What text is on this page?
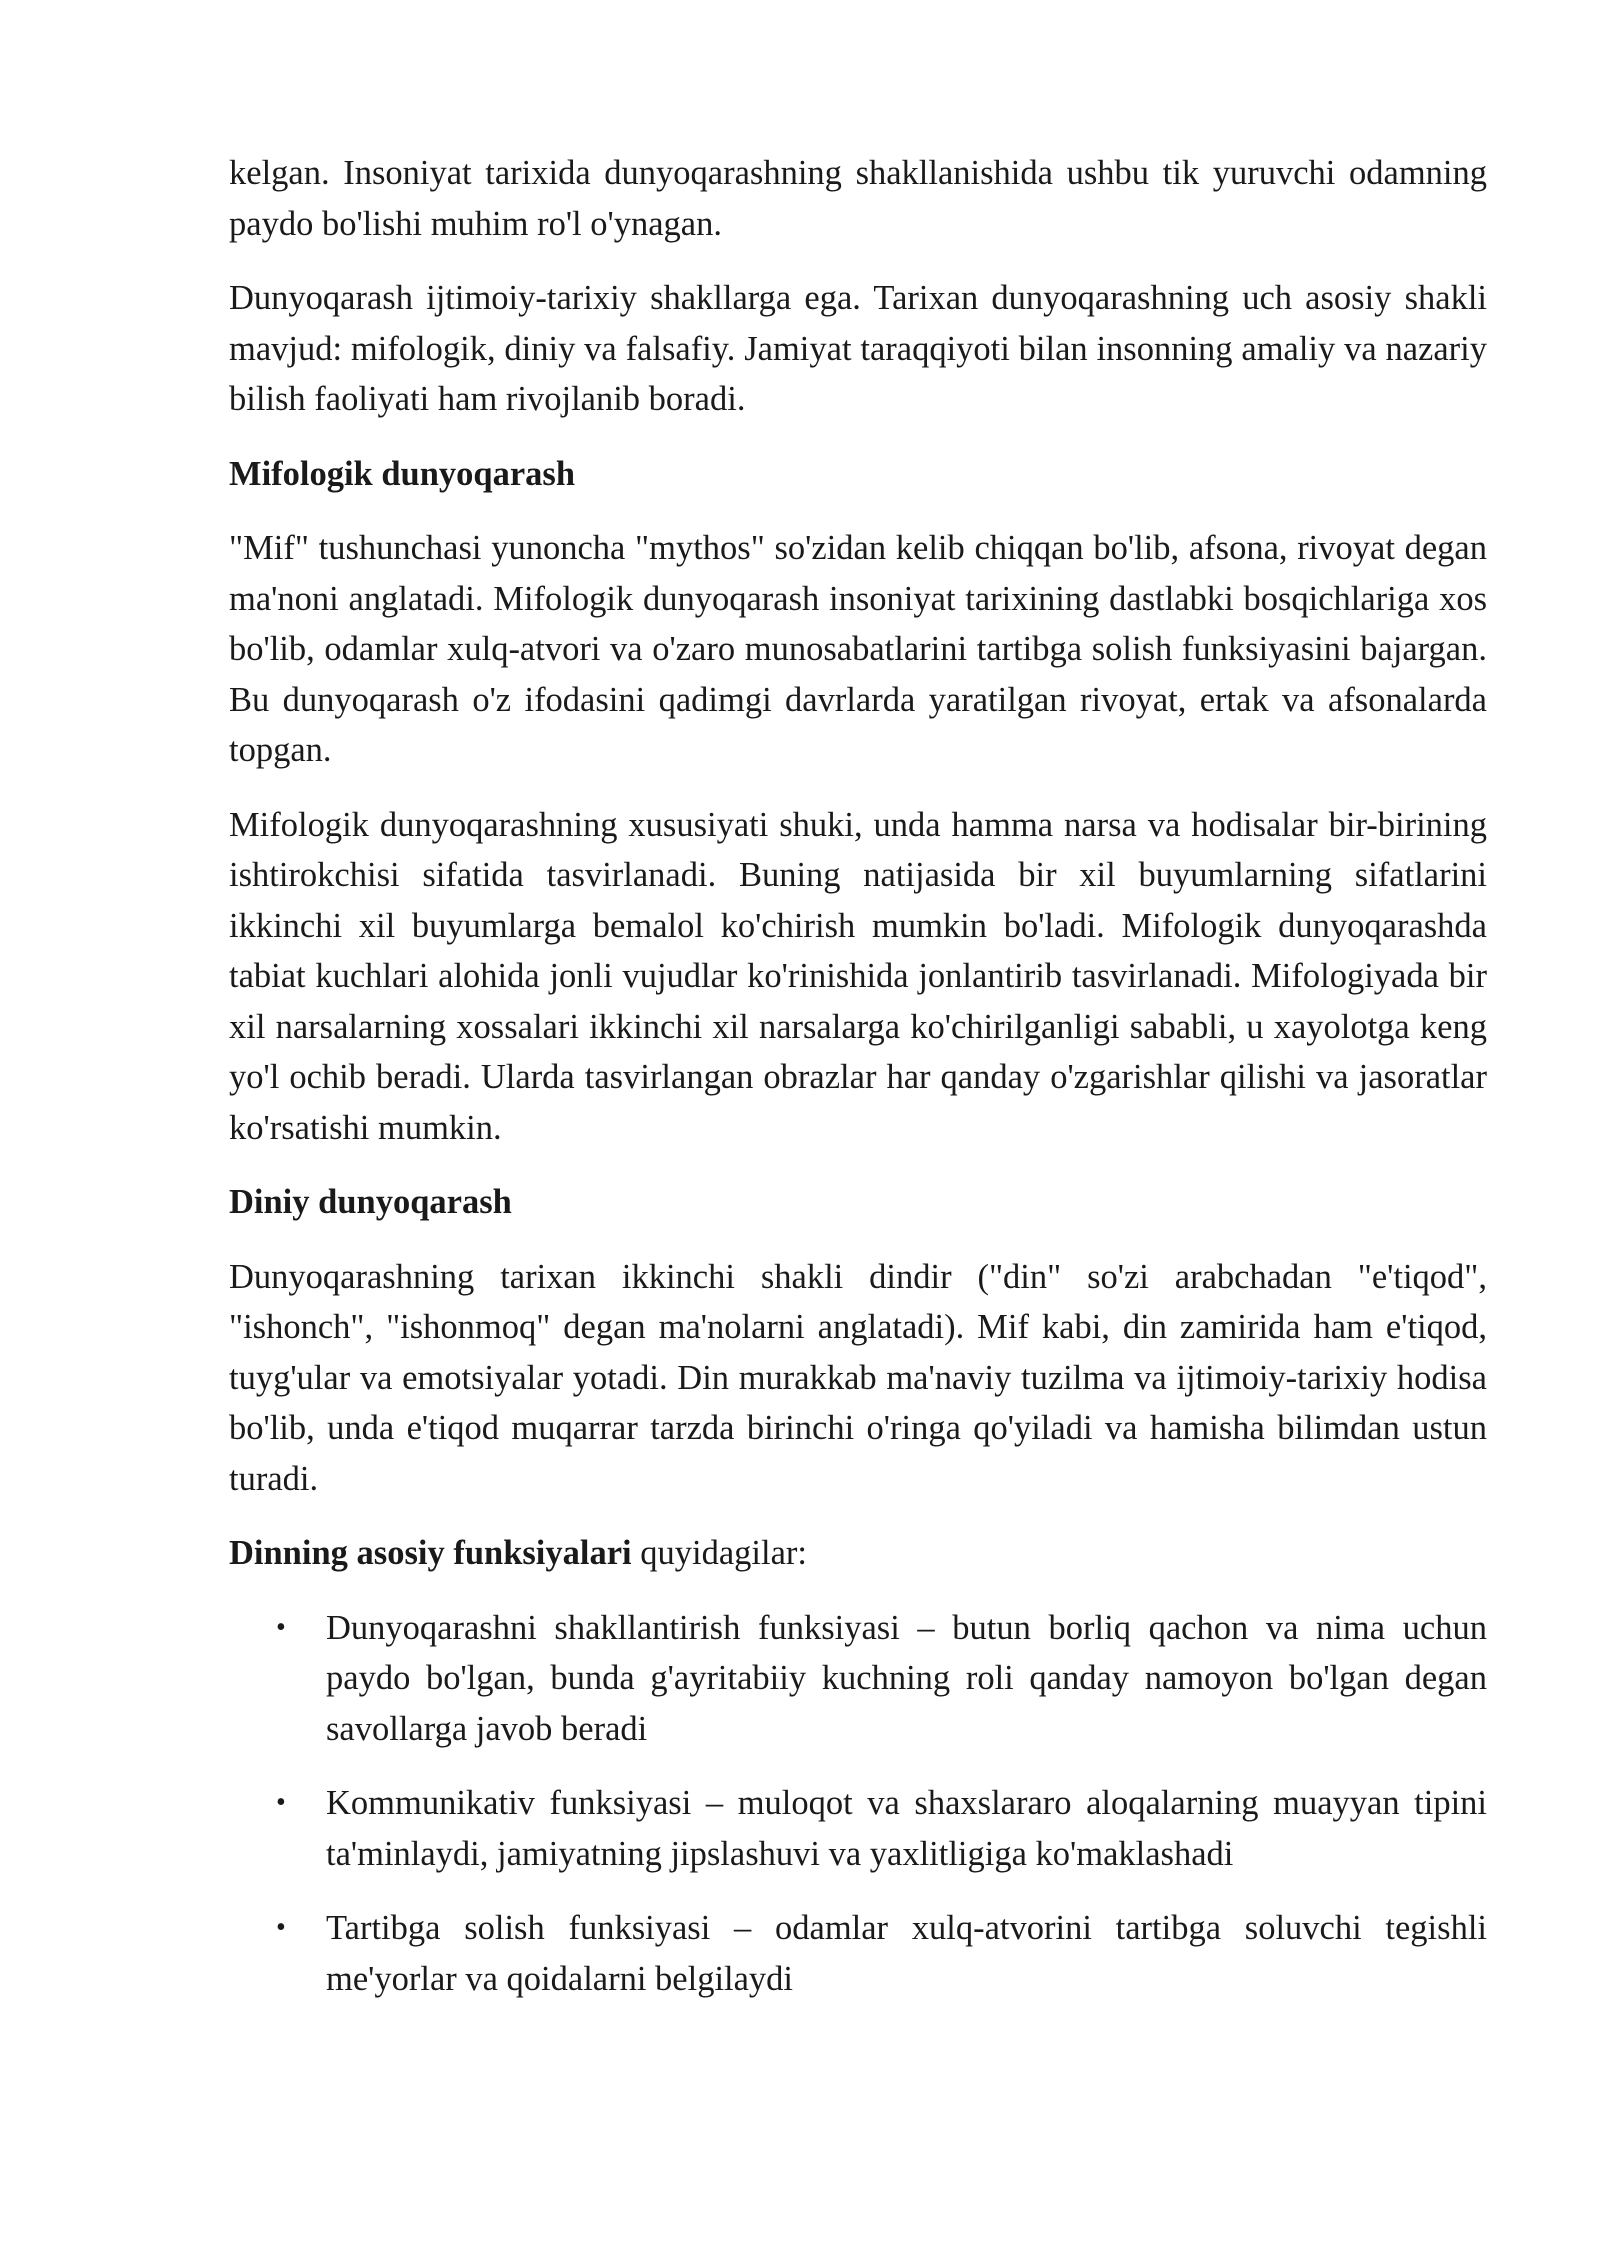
kelgan. Insoniyat tarixida dunyoqarashning shakllanishida ushbu tik yuruvchi odamning paydo bo'lishi muhim ro'l o'ynagan.

Dunyoqarash ijtimoiy-tarixiy shakllarga ega. Tarixan dunyoqarashning uch asosiy shakli mavjud: mifologik, diniy va falsafiy. Jamiyat taraqqiyoti bilan insonning amaliy va nazariy bilish faoliyati ham rivojlanib boradi.

Mifologik dunyoqarash

"Mif" tushunchasi yunoncha "mythos" so'zidan kelib chiqqan bo'lib, afsona, rivoyat degan ma'noni anglatadi. Mifologik dunyoqarash insoniyat tarixining dastlabki bosqichlariga xos bo'lib, odamlar xulq-atvori va o'zaro munosabatlarini tartibga solish funksiyasini bajargan. Bu dunyoqarash o'z ifodasini qadimgi davrlarda yaratilgan rivoyat, ertak va afsonalarda topgan.

Mifologik dunyoqarashning xususiyati shuki, unda hamma narsa va hodisalar bir-birining ishtirokchisi sifatida tasvirlanadi. Buning natijasida bir xil buyumlarning sifatlarini ikkinchi xil buyumlarga bemalol ko'chirish mumkin bo'ladi. Mifologik dunyoqarashda tabiat kuchlari alohida jonli vujudlar ko'rinishida jonlantirib tasvirlanadi. Mifologiyada bir xil narsalarning xossalari ikkinchi xil narsalarga ko'chirilganligi sababli, u xayolotga keng yo'l ochib beradi. Ularda tasvirlangan obrazlar har qanday o'zgarishlar qilishi va jasoratlar ko'rsatishi mumkin.

Diniy dunyoqarash

Dunyoqarashning tarixan ikkinchi shakli dindir ("din" so'zi arabchadan "e'tiqod", "ishonch", "ishonmoq" degan ma'nolarni anglatadi). Mif kabi, din zamirida ham e'tiqod, tuyg'ular va emotsiyalar yotadi. Din murakkab ma'naviy tuzilma va ijtimoiy-tarixiy hodisa bo'lib, unda e'tiqod muqarrar tarzda birinchi o'ringa qo'yiladi va hamisha bilimdan ustun turadi.

Dinning asosiy funksiyalari quyidagilar:

• Dunyoqarashni shakllantirish funksiyasi – butun borliq qachon va nima uchun paydo bo'lgan, bunda g'ayritabiiy kuchning roli qanday namoyon bo'lgan degan savollarga javob beradi
• Kommunikativ funksiyasi – muloqot va shaxslararo aloqalarning muayyan tipini ta'minlaydi, jamiyatning jipslashuvi va yaxlitligiga ko'maklashadi
• Tartibga solish funksiyasi – odamlar xulq-atvorini tartibga soluvchi tegishli me'yorlar va qoidalarni belgilaydi
